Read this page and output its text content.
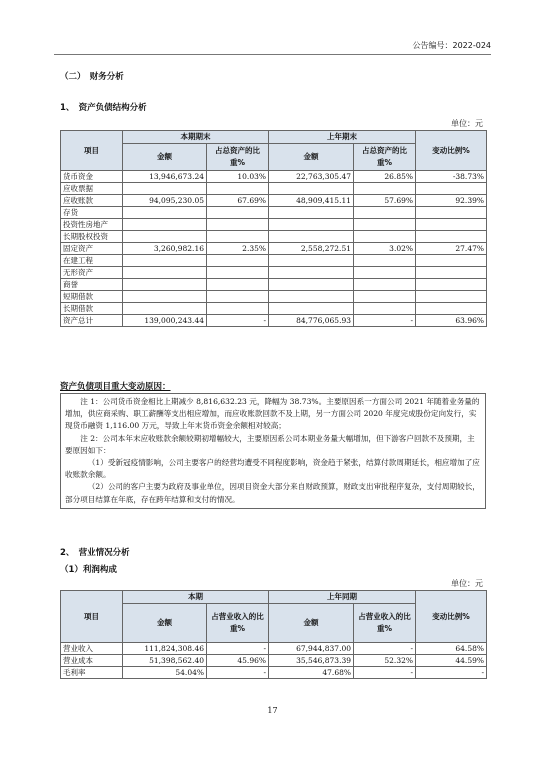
公告编号：2022-024
（二）　财务分析
1、　资产负债结构分析
单位：元
项目	本期期末		上年期末		变动比例%
	金额	占总资产的比重%	金额	占总资产的比重%	
货币资金	13,946,673.24	10.03%	22,763,305.47	26.85%	-38.73%
应收票据					
应收账款	94,095,230.05	67.69%	48,909,415.11	57.69%	92.39%
存货					
投资性房地产					
长期股权投资					
固定资产	3,260,982.16	2.35%	2,558,272.51	3.02%	27.47%
在建工程					
无形资产					
商誉					
短期借款					
长期借款					
资产总计	139,000,243.44	-	84,776,065.93	-	63.96%
资产负债项目重大变动原因：

注 1：公司货币资金相比上期减少 8,816,632.23 元，降幅为 38.73%。主要原因系一方面公司 2021 年随着业务量的增加，供应商采购、职工薪酬等支出相应增加，而应收账款回款不及上期，另一方面公司 2020 年度完成股份定向发行，实现货币融资 1,116.00 万元，导致上年末货币资金余额相对较高；

注 2：公司本年末应收账款余额较期初增幅较大，主要原因系公司本期业务量大幅增加，但下游客户回款不及预期，主要原因如下：

（1）受新冠疫情影响，公司主要客户的经营均遭受不同程度影响，资金趋于紧张，结算付款周期延长，相应增加了应收账款余额。

（2）公司的客户主要为政府及事业单位，因项目资金大部分来自财政预算，财政支出审批程序复杂，支付周期较长，部分项目结算在年底，存在跨年结算和支付的情况。

2、　营业情况分析
（1）利润构成
单位：元
项目	本期		上年同期		变动比例%
	金额	占营业收入的比重%	金额	占营业收入的比重%	
营业收入	111,824,308.46	-	67,944,837.00	-	64.58%
营业成本	51,398,562.40	45.96%	35,546,873.39	52.32%	44.59%
毛利率	54.04%	-	47.68%	-	-
17
